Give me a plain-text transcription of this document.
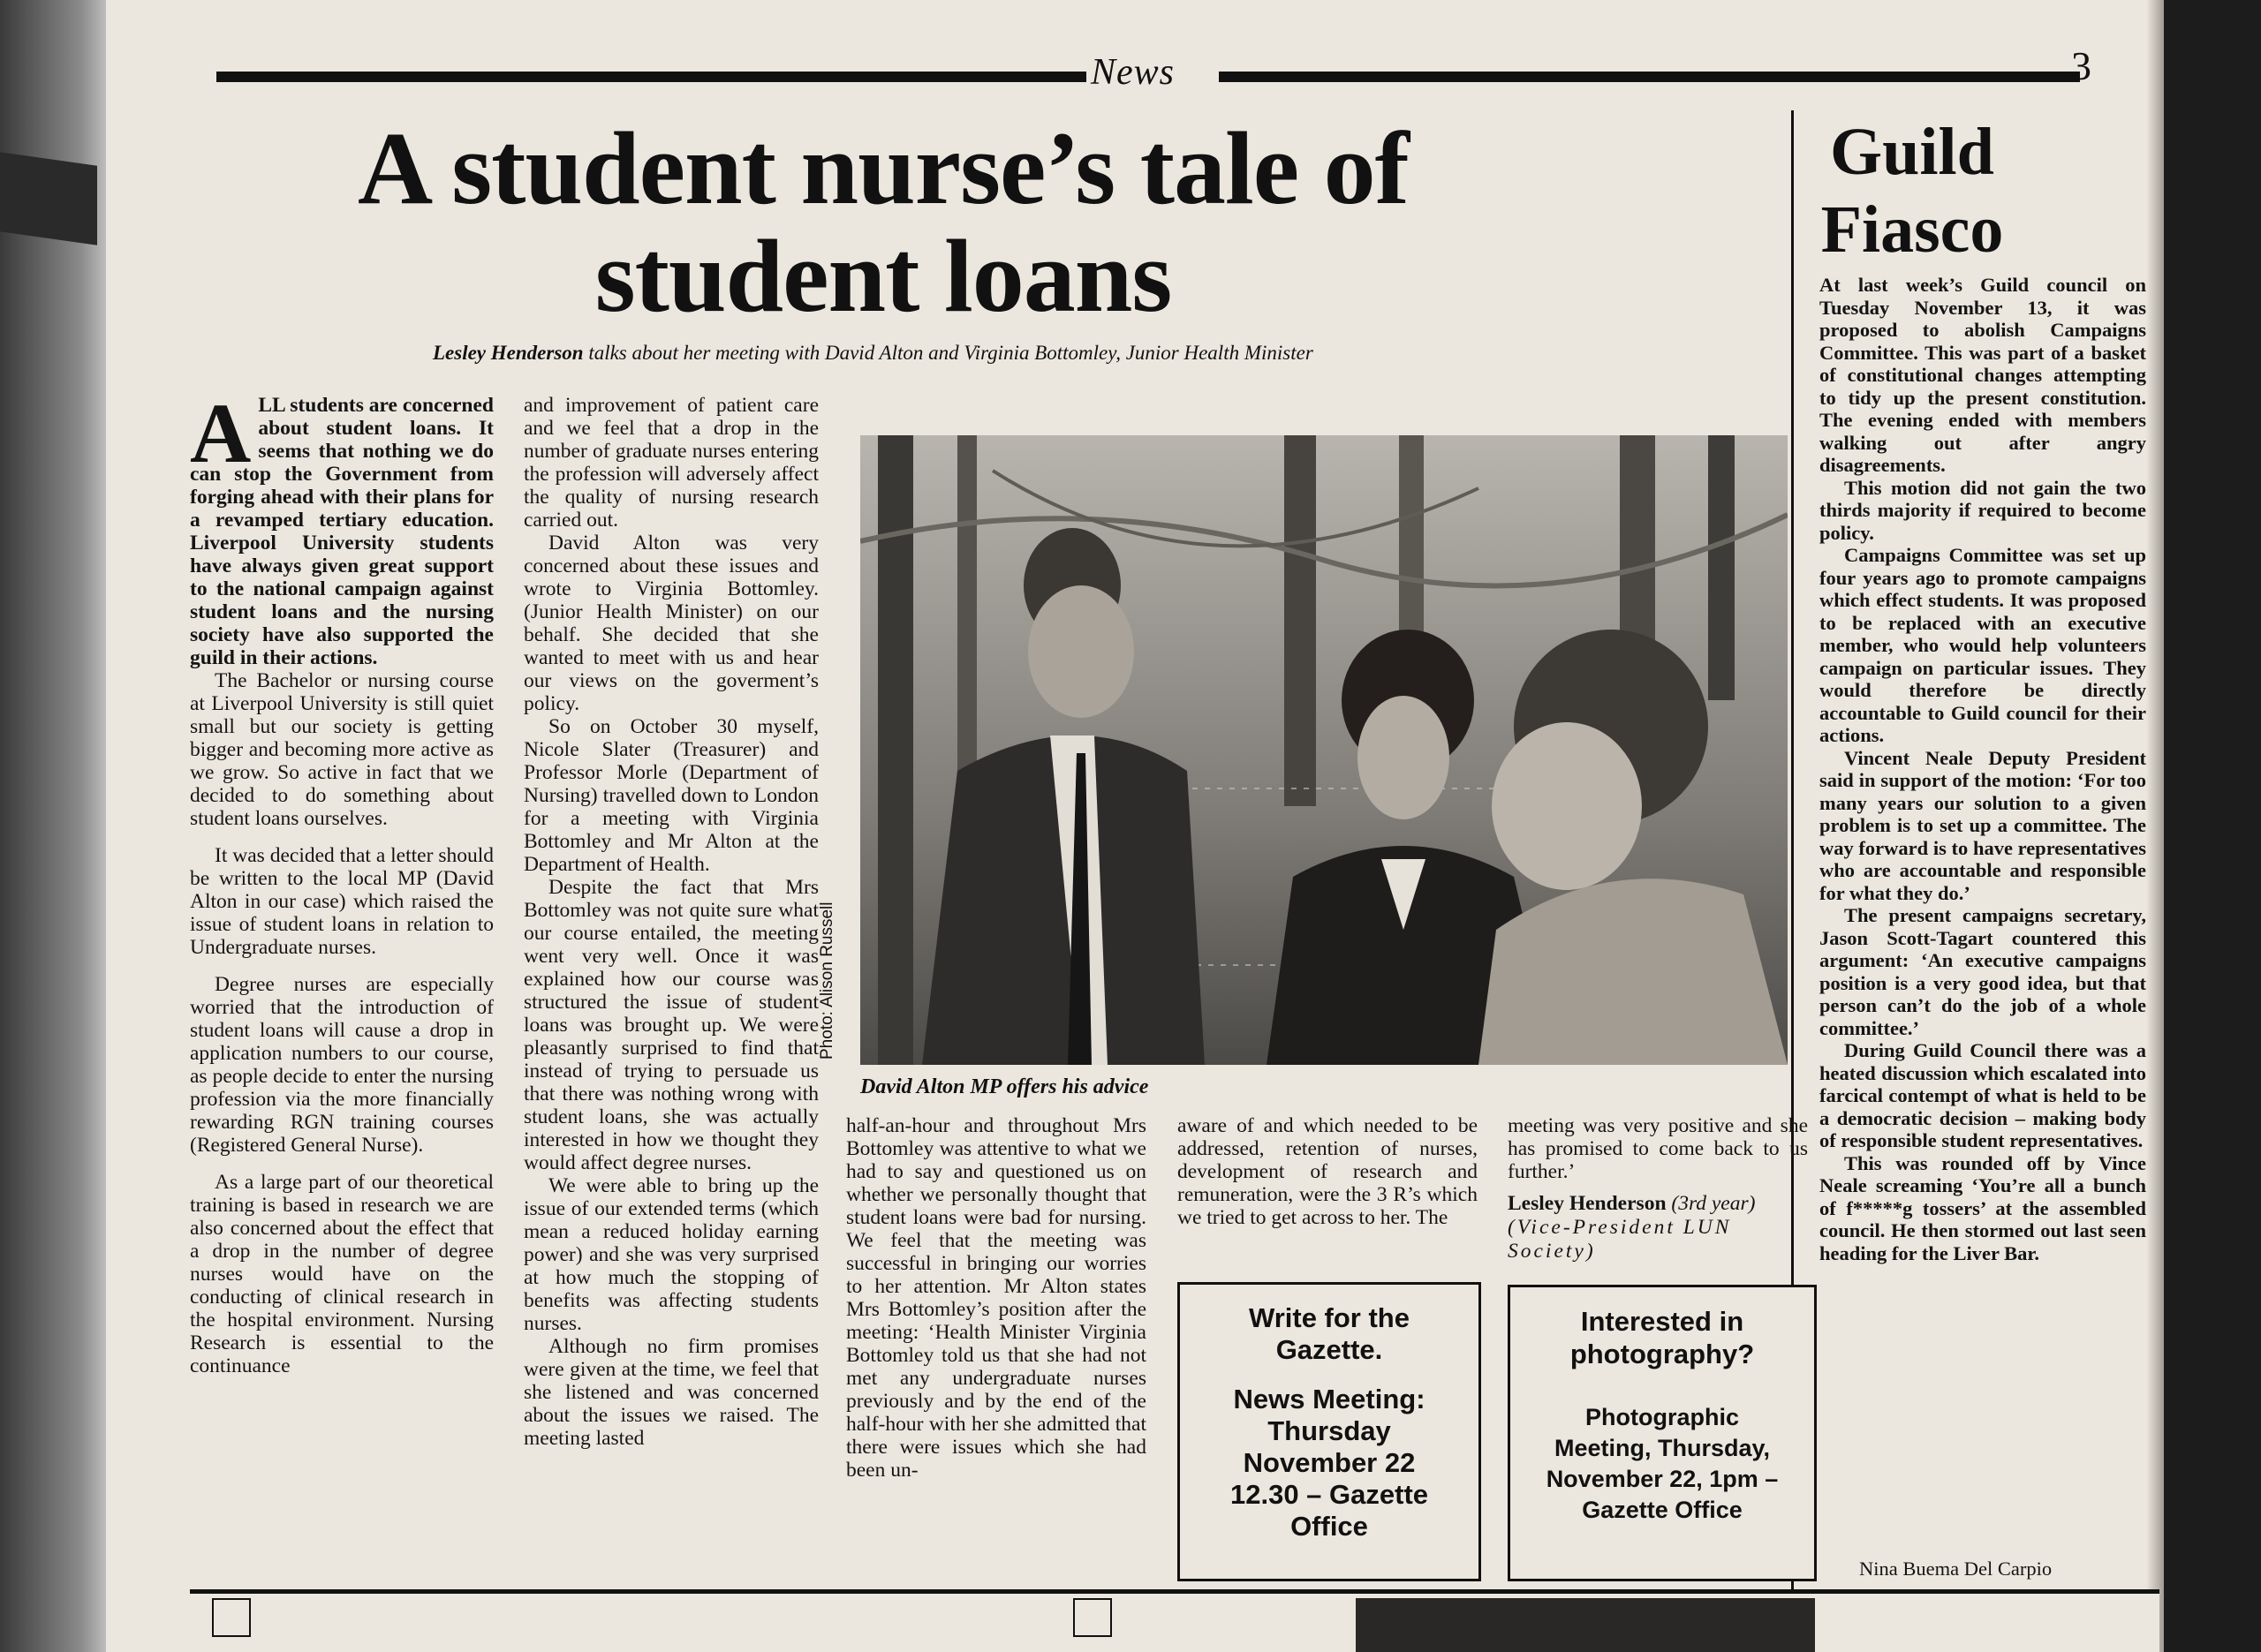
News	3
A student nurse’s tale of student loans
Lesley Henderson talks about her meeting with David Alton and Virginia Bottomley, Junior Health Minister

ALL students are concerned about student loans. It seems that nothing we do can stop the Government from forging ahead with their plans for a revamped tertiary education. Liverpool University students have always given great support to the national campaign against student loans and the nursing society have also supported the guild in their actions.

The Bachelor or nursing course at Liverpool University is still quiet small but our society is getting bigger and becoming more active as we grow. So active in fact that we decided to do something about student loans ourselves.

It was decided that a letter should be written to the local MP (David Alton in our case) which raised the issue of student loans in relation to Undergraduate nurses.

Degree nurses are especially worried that the introduction of student loans will cause a drop in application numbers to our course, as people decide to enter the nursing profession via the more financially rewarding RGN training courses (Registered General Nurse).

As a large part of our theoretical training is based in research we are also concerned about the effect that a drop in the number of degree nurses would have on the conducting of clinical research in the hospital environment. Nursing Research is essential to the continuance

and improvement of patient care and we feel that a drop in the number of graduate nurses entering the profession will adversely affect the quality of nursing research carried out.

David Alton was very concerned about these issues and wrote to Virginia Bottomley. (Junior Health Minister) on our behalf. She decided that she wanted to meet with us and hear our views on the goverment’s policy.

So on October 30 myself, Nicole Slater (Treasurer) and Professor Morle (Department of Nursing) travelled down to London for a meeting with Virginia Bottomley and Mr Alton at the Department of Health.

Despite the fact that Mrs Bottomley was not quite sure what our course entailed, the meeting went very well. Once it was explained how our course was structured the issue of student loans was brought up. We were pleasantly surprised to find that instead of trying to persuade us that there was nothing wrong with student loans, she was actually interested in how we thought they would affect degree nurses.

We were able to bring up the issue of our extended terms (which mean a reduced holiday earning power) and she was very surprised at how much the stopping of benefits was affecting students nurses.

Although no firm promises were given at the time, we feel that she listened and was concerned about the issues we raised. The meeting lasted

Photo: Alison Russell
David Alton MP offers his advice

half-an-hour and throughout Mrs Bottomley was attentive to what we had to say and questioned us on whether we personally thought that student loans were bad for nursing. We feel that the meeting was successful in bringing our worries to her attention. Mr Alton states Mrs Bottomley’s position after the meeting: ‘Health Minister Virginia Bottomley told us that she had not met any undergraduate nurses previously and by the end of the half-hour with her she admitted that there were issues which she had been un-

aware of and which needed to be addressed, retention of nurses, development of research and remuneration, were the 3 R’s which we tried to get across to her. The

meeting was very positive and she has promised to come back to us further.’

Lesley Henderson (3rd year)
(Vice-President LUN Society)
Write for the
Gazette.
News Meeting:
Thursday
November 22
12.30 – Gazette
Office
Interested in
photography?
Photographic
Meeting, Thursday,
November 22, 1pm –
Gazette Office
Guild
Fiasco

At last week’s Guild council on Tuesday November 13, it was proposed to abolish Campaigns Committee. This was part of a basket of constitutional changes attempting to tidy up the present constitution. The evening ended with members walking out after angry disagreements.

This motion did not gain the two thirds majority if required to become policy.

Campaigns Committee was set up four years ago to promote campaigns which effect students. It was proposed to be replaced with an executive member, who would help volunteers campaign on particular issues. They would therefore be directly accountable to Guild council for their actions.

Vincent Neale Deputy President said in support of the motion: ‘For too many years our solution to a given problem is to set up a committee. The way forward is to have representatives who are accountable and responsible for what they do.’

The present campaigns secretary, Jason Scott-Tagart countered this argument: ‘An executive campaigns position is a very good idea, but that person can’t do the job of a whole committee.’

During Guild Council there was a heated discussion which escalated into farcical contempt of what is held to be a democratic decision – making body of responsible student representatives.

This was rounded off by Vince Neale screaming ‘You’re all a bunch of f*****g tossers’ at the assembled council. He then stormed out last seen heading for the Liver Bar.

Nina Buema Del Carpio
